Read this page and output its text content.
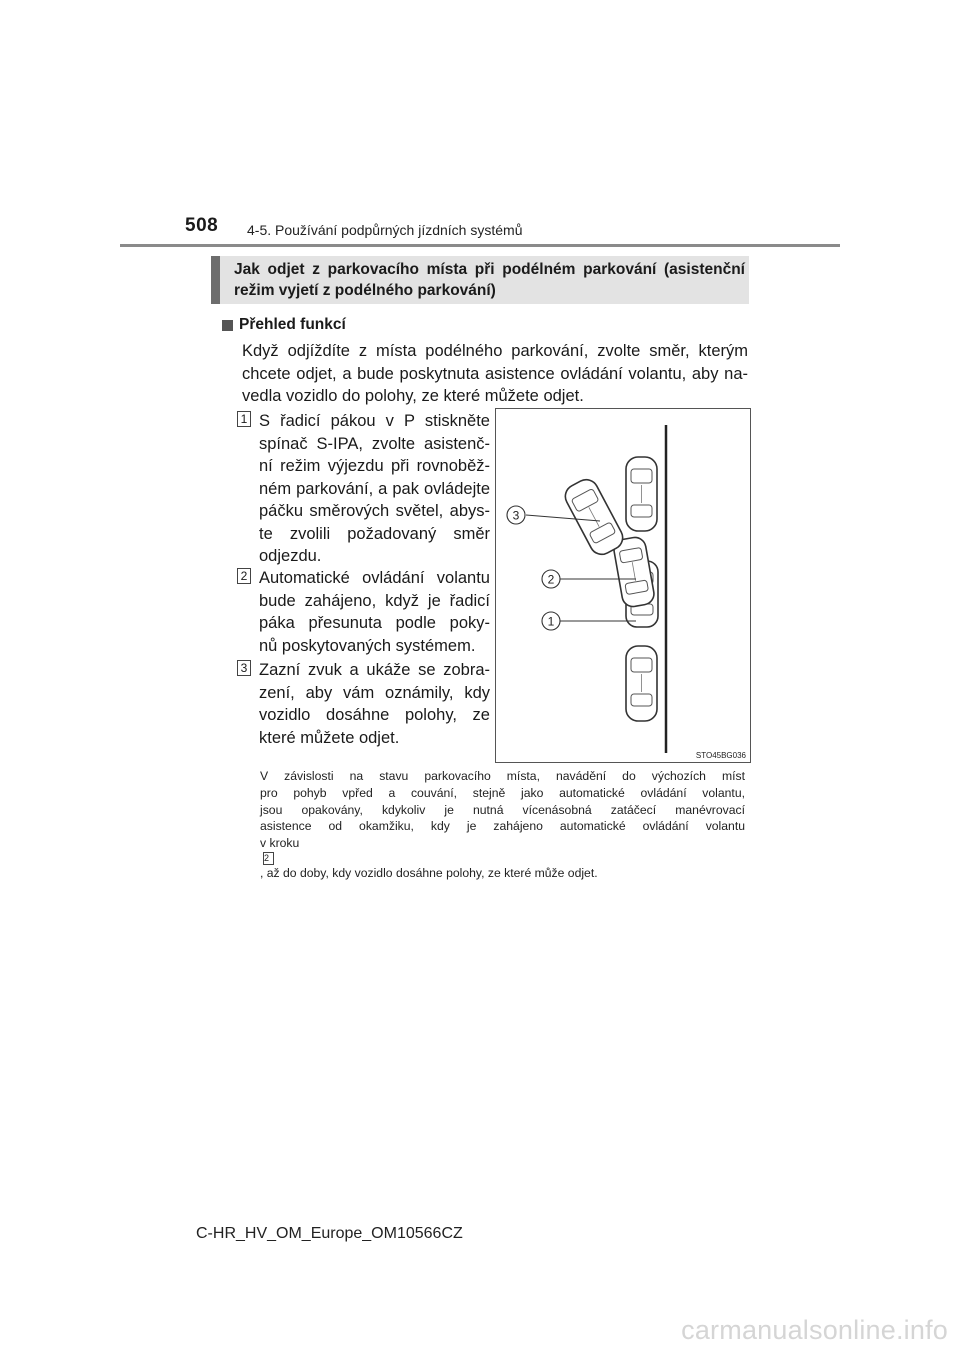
508 4-5. Používání podpůrných jízdních systémů
Jak odjet z parkovacího místa při podélném parkování (asistenční
režim vyjetí z podélného parkování)
Přehled funkcí
Když odjíždíte z místa podélného parkování, zvolte směr, kterým
chcete odjet, a bude poskytnuta asistence ovládání volantu, aby na-
vedla vozidlo do polohy, ze které můžete odjet.
1 S řadicí pákou v P stiskněte
spínač S-IPA, zvolte asistenč-
ní režim výjezdu při rovnoběž-
ném parkování, a pak ovládejte
páčku směrových světel, abys-
te zvolili požadovaný směr
odjezdu.
2 Automatické ovládání volantu
bude zahájeno, když je řadicí
páka přesunuta podle poky-
nů poskytovaných systémem.
3 Zazní zvuk a ukáže se zobra-
zení, aby vám oznámily, kdy
vozidlo dosáhne polohy, ze
které můžete odjet.
3
2
1
STO45BG036
V závislosti na stavu parkovacího místa, navádění do výchozích míst
pro pohyb vpřed a couvání, stejně jako automatické ovládání volantu,
jsou opakovány, kdykoliv je nutná vícenásobná zatáčecí manévrovací
asistence od okamžiku, kdy je zahájeno automatické ovládání volantu
v kroku
2
, až do doby, kdy vozidlo dosáhne polohy, ze které může odjet.
C-HR_HV_OM_Europe_OM10566CZ
carmanualsonline.info
